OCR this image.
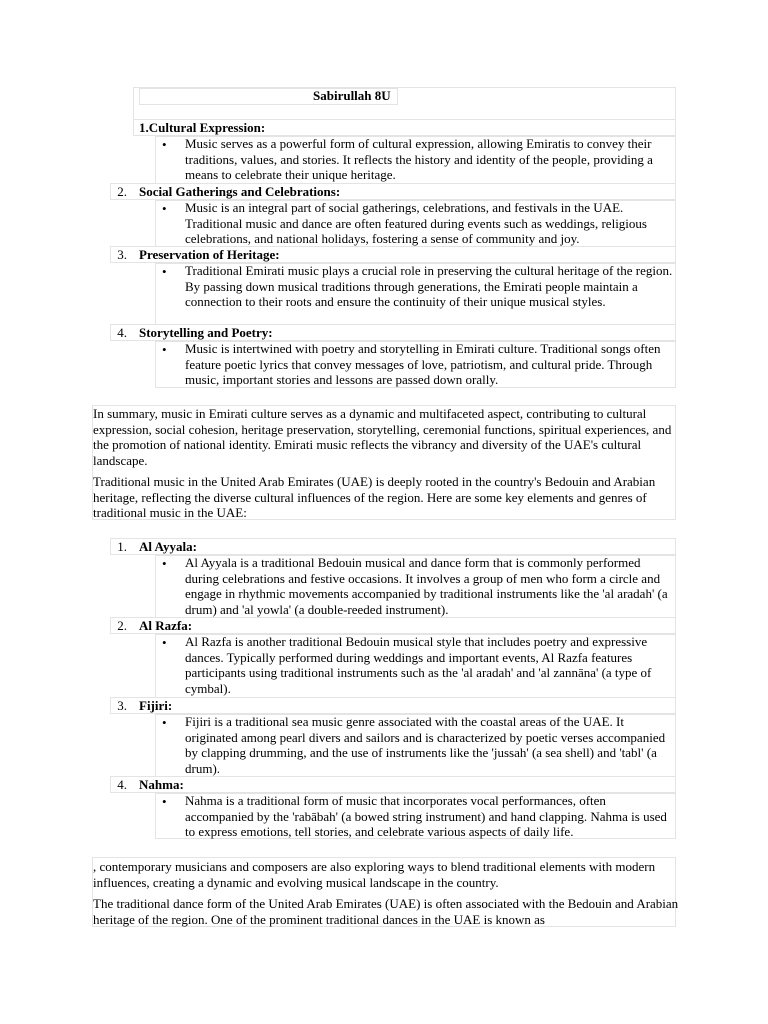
Sabirullah 8U
1.Cultural Expression:
• Music serves as a powerful form of cultural expression, allowing Emiratis to convey their traditions, values, and stories. It reflects the history and identity of the people, providing a means to celebrate their unique heritage.
2. Social Gatherings and Celebrations:
• Music is an integral part of social gatherings, celebrations, and festivals in the UAE. Traditional music and dance are often featured during events such as weddings, religious celebrations, and national holidays, fostering a sense of community and joy.
3. Preservation of Heritage:
• Traditional Emirati music plays a crucial role in preserving the cultural heritage of the region. By passing down musical traditions through generations, the Emirati people maintain a connection to their roots and ensure the continuity of their unique musical styles.
4. Storytelling and Poetry:
• Music is intertwined with poetry and storytelling in Emirati culture. Traditional songs often feature poetic lyrics that convey messages of love, patriotism, and cultural pride. Through music, important stories and lessons are passed down orally.
In summary, music in Emirati culture serves as a dynamic and multifaceted aspect, contributing to cultural expression, social cohesion, heritage preservation, storytelling, ceremonial functions, spiritual experiences, and the promotion of national identity. Emirati music reflects the vibrancy and diversity of the UAE's cultural landscape.
Traditional music in the United Arab Emirates (UAE) is deeply rooted in the country's Bedouin and Arabian heritage, reflecting the diverse cultural influences of the region. Here are some key elements and genres of traditional music in the UAE:
1. Al Ayyala:
• Al Ayyala is a traditional Bedouin musical and dance form that is commonly performed during celebrations and festive occasions. It involves a group of men who form a circle and engage in rhythmic movements accompanied by traditional instruments like the 'al aradah' (a drum) and 'al yowla' (a double-reeded instrument).
2. Al Razfa:
• Al Razfa is another traditional Bedouin musical style that includes poetry and expressive dances. Typically performed during weddings and important events, Al Razfa features participants using traditional instruments such as the 'al aradah' and 'al zannāna' (a type of cymbal).
3. Fijiri:
• Fijiri is a traditional sea music genre associated with the coastal areas of the UAE. It originated among pearl divers and sailors and is characterized by poetic verses accompanied by clapping drumming, and the use of instruments like the 'jussah' (a sea shell) and 'tabl' (a drum).
4. Nahma:
• Nahma is a traditional form of music that incorporates vocal performances, often accompanied by the 'rabābah' (a bowed string instrument) and hand clapping. Nahma is used to express emotions, tell stories, and celebrate various aspects of daily life.
, contemporary musicians and composers are also exploring ways to blend traditional elements with modern influences, creating a dynamic and evolving musical landscape in the country.
The traditional dance form of the United Arab Emirates (UAE) is often associated with the Bedouin and Arabian heritage of the region. One of the prominent traditional dances in the UAE is known as
